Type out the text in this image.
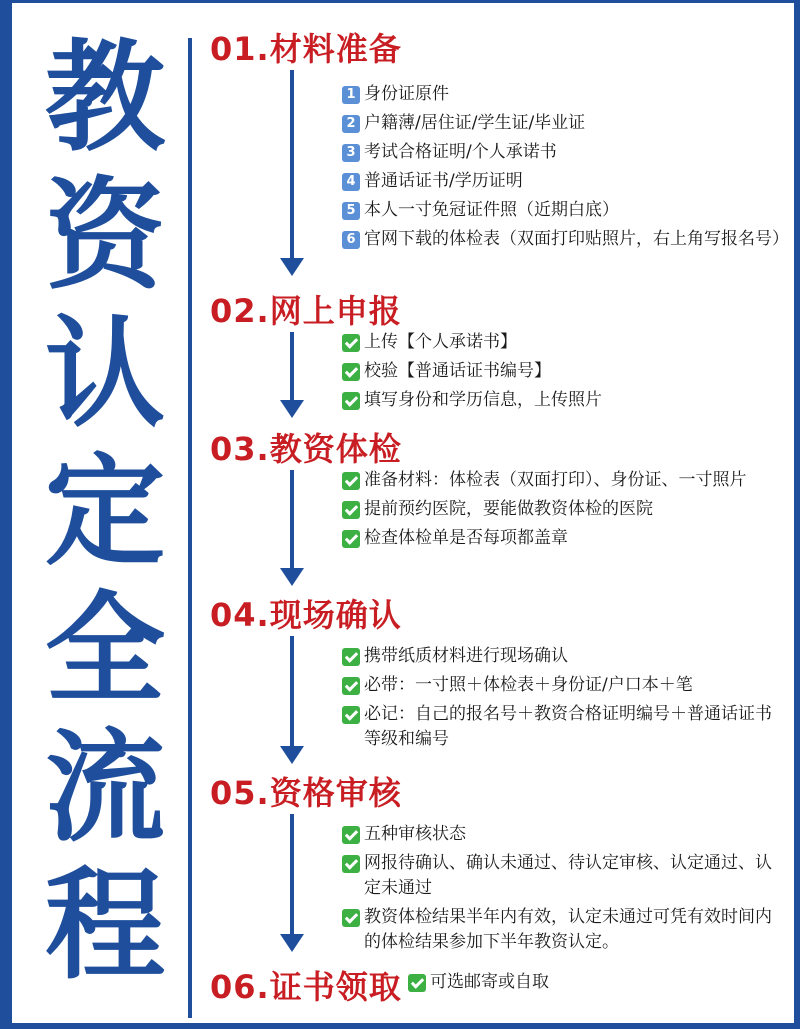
教
资
认
定
全
流
程
01.材料准备
1 身份证原件
2 户籍薄/居住证/学生证/毕业证
3 考试合格证明/个人承诺书
4 普通话证书/学历证明
5 本人一寸免冠证件照（近期白底）
6 官网下载的体检表（双面打印贴照片，右上角写报名号）
02.网上申报
上传【个人承诺书】
校验【普通话证书编号】
填写身份和学历信息，上传照片
03.教资体检
准备材料：体检表（双面打印）、身份证、一寸照片
提前预约医院，要能做教资体检的医院
检查体检单是否每项都盖章
04.现场确认
携带纸质材料进行现场确认
必带：一寸照＋体检表＋身份证/户口本＋笔
必记：自己的报名号＋教资合格证明编号＋普通话证书等级和编号
05.资格审核
五种审核状态
网报待确认、确认未通过、待认定审核、认定通过、认定未通过
教资体检结果半年内有效，认定未通过可凭有效时间内的体检结果参加下半年教资认定。
06.证书领取	可选邮寄或自取
